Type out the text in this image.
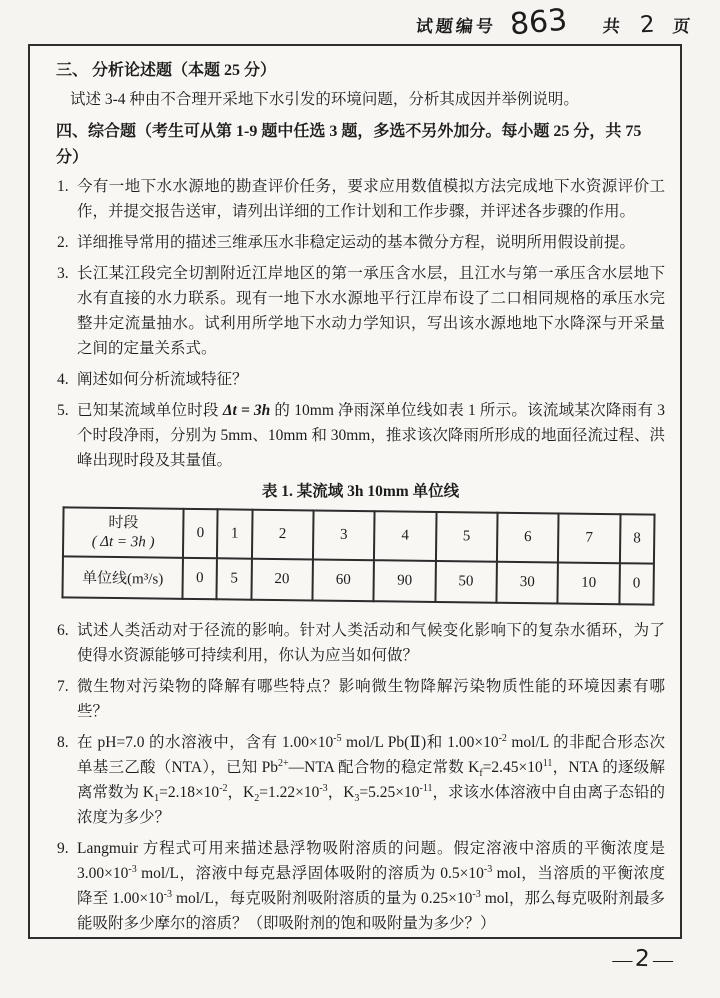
试题编号 863 共 2 页
三、 分析论述题（本题 25 分）
试述 3-4 种由不合理开采地下水引发的环境问题，分析其成因并举例说明。
四、综合题（考生可从第 1-9 题中任选 3 题，多选不另外加分。每小题 25 分，共 75 分）
1. 今有一地下水水源地的勘查评价任务，要求应用数值模拟方法完成地下水资源评价工作，并提交报告送审，请列出详细的工作计划和工作步骤，并评述各步骤的作用。
2. 详细推导常用的描述三维承压水非稳定运动的基本微分方程，说明所用假设前提。
3. 长江某江段完全切割附近江岸地区的第一承压含水层，且江水与第一承压含水层地下水有直接的水力联系。现有一地下水水源地平行江岸布设了二口相同规格的承压水完整井定流量抽水。试利用所学地下水动力学知识，写出该水源地地下水降深与开采量之间的定量关系式。
4. 阐述如何分析流域特征？
5. 已知某流域单位时段 Δt = 3h 的 10mm 净雨深单位线如表 1 所示。该流域某次降雨有 3 个时段净雨，分别为 5mm、10mm 和 30mm，推求该次降雨所形成的地面径流过程、洪峰出现时段及其量值。
表 1. 某流域 3h 10mm 单位线
时段
( Δt = 3h )	0	1	2	3	4	5	6	7	8
单位线(m³/s)	0	5	20	60	90	50	30	10	0
6. 试述人类活动对于径流的影响。针对人类活动和气候变化影响下的复杂水循环，为了使得水资源能够可持续利用，你认为应当如何做？
7. 微生物对污染物的降解有哪些特点？影响微生物降解污染物质性能的环境因素有哪些？
8. 在 pH=7.0 的水溶液中，含有 $1.00\times 10^{-5}$ mol/L Pb(Ⅱ)和 $1.00\times 10^{-2}$ mol/L 的非配合形态次单基三乙酸（NTA），已知 $Pb^{2+}—NTA$ 配合物的稳定常数 $K_f=2.45\times 10^{11}$，NTA 的逐级解离常数为 $K_1=2.18\times 10^{-2}$，$K_2=1.22\times 10^{-3}$，$K_3=5.25\times 10^{-11}$，求该水体溶液中自由离子态铅的浓度为多少？
9. Langmuir 方程式可用来描述悬浮物吸附溶质的问题。假定溶液中溶质的平衡浓度是 $3.00\times 10^{-3}$ mol/L，溶液中每克悬浮固体吸附的溶质为 $0.5\times 10^{-3}$ mol，当溶质的平衡浓度降至 $1.00\times 10^{-3}$ mol/L，每克吸附剂吸附溶质的量为 $0.25\times 10^{-3}$ mol，那么每克吸附剂最多能吸附多少摩尔的溶质？（即吸附剂的饱和吸附量为多少？）
— 2 —
